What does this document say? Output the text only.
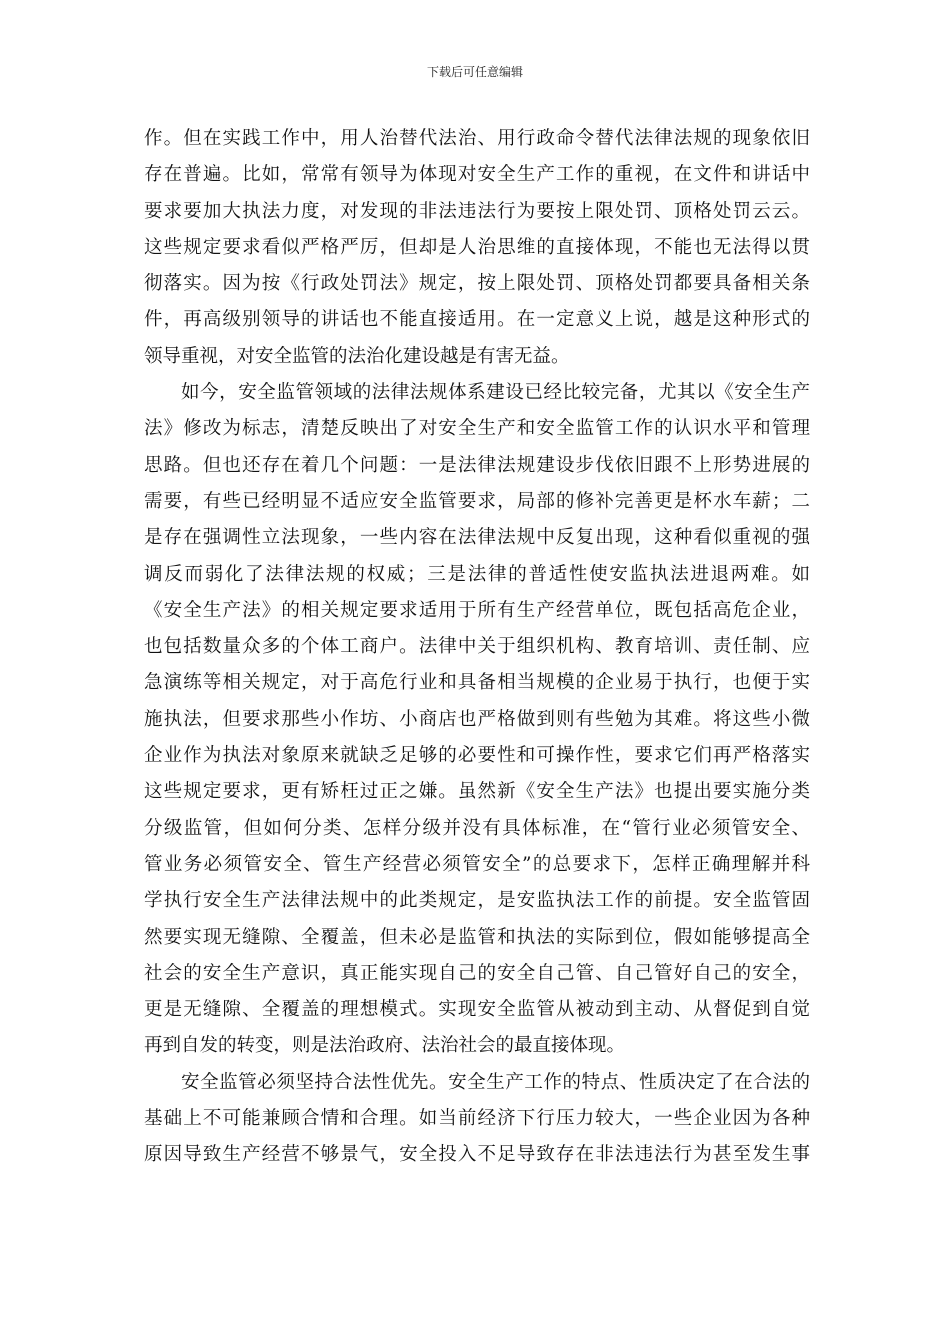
下载后可任意编辑
作。但在实践工作中，用人治替代法治、用行政命令替代法律法规的现象依旧
存在普遍。比如，常常有领导为体现对安全生产工作的重视，在文件和讲话中
要求要加大执法力度，对发现的非法违法行为要按上限处罚、顶格处罚云云。
这些规定要求看似严格严厉，但却是人治思维的直接体现，不能也无法得以贯
彻落实。因为按《行政处罚法》规定，按上限处罚、顶格处罚都要具备相关条
件，再高级别领导的讲话也不能直接适用。在一定意义上说，越是这种形式的
领导重视，对安全监管的法治化建设越是有害无益。
如今，安全监管领域的法律法规体系建设已经比较完备，尤其以《安全生产
法》修改为标志，清楚反映出了对安全生产和安全监管工作的认识水平和管理
思路。但也还存在着几个问题：一是法律法规建设步伐依旧跟不上形势进展的
需要，有些已经明显不适应安全监管要求，局部的修补完善更是杯水车薪；二
是存在强调性立法现象，一些内容在法律法规中反复出现，这种看似重视的强
调反而弱化了法律法规的权威；三是法律的普适性使安监执法进退两难。如
《安全生产法》的相关规定要求适用于所有生产经营单位，既包括高危企业，
也包括数量众多的个体工商户。法律中关于组织机构、教育培训、责任制、应
急演练等相关规定，对于高危行业和具备相当规模的企业易于执行，也便于实
施执法，但要求那些小作坊、小商店也严格做到则有些勉为其难。将这些小微
企业作为执法对象原来就缺乏足够的必要性和可操作性，要求它们再严格落实
这些规定要求，更有矫枉过正之嫌。虽然新《安全生产法》也提出要实施分类
分级监管，但如何分类、怎样分级并没有具体标准，在“管行业必须管安全、
管业务必须管安全、管生产经营必须管安全”的总要求下，怎样正确理解并科
学执行安全生产法律法规中的此类规定，是安监执法工作的前提。安全监管固
然要实现无缝隙、全覆盖，但未必是监管和执法的实际到位，假如能够提高全
社会的安全生产意识，真正能实现自己的安全自己管、自己管好自己的安全，
更是无缝隙、全覆盖的理想模式。实现安全监管从被动到主动、从督促到自觉
再到自发的转变，则是法治政府、法治社会的最直接体现。
安全监管必须坚持合法性优先。安全生产工作的特点、性质决定了在合法的
基础上不可能兼顾合情和合理。如当前经济下行压力较大，一些企业因为各种
原因导致生产经营不够景气，安全投入不足导致存在非法违法行为甚至发生事
